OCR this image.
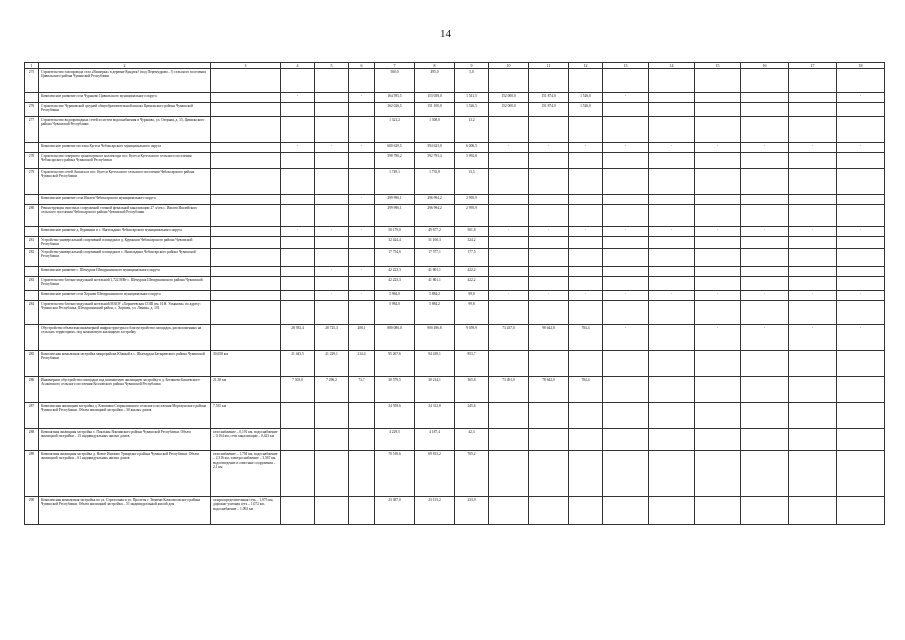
14
1	2	3	4	5	6	7	8	9	10	11	12	13	14	15	16	17	18
275	Строительство газопровода села «Вишерка» в деревне Кундюк? (под Перемудрово...?) сельского поселения Цивильского района Чувашской Республики					500,0	495,0	5,0									
	Комплексное развитие села Чураково Цивильского муниципального округа		-		-	164 595,5	153 058,0	1 541,5	152 000,0	151 874,0	1 526,0	-					-
276	Строительство Чураковской средней общеобразовательной школы Цивильского района Чувашской Республики					162 026,5	151 100,0	1 526,5	152 000,0	151 874,0	1 526,0						
277	Строительство водопроводных сетей и систем водоснабжения в Чураково, ул. Озерная, д. 15, Цивильского района Чувашской Республики					1 321,2	1 308,0	13,2									
	Комплексное развитие поселка Кугеси Чебоксарского муниципального округа		-	-	-	600 629,5	594 623,0	6 006,5	-	-	-	-	-	-	-	-	-
278	Строительство северного транспортного коллектора пос. Кугеси Кугесьского сельского поселения Чебоксарского района Чувашской Республики					598 780,2	592 793,4	5 992,8									
279	Строительство сетей Ашкасы в пос. Кугеси Кугесьского сельского поселения Чебоксарского района Чувашской Республики					1 749,1	1 735,8	13,5									
	Комплексное развитие села Ишлеи Чебоксарского муниципального округа				-	299 990,1	296 994,2	2 995,9									
280	Реконструкция очистных сооружений сточной фекальной канализации 27 л/сек с. Ишлеи Ишлейского сельского поселения Чебоксарского района Чувашской Республики					299 990,1	296 994,2	2 995,9									
	Комплексное развитие д. Курмыши и с. Янгильдино Чебоксарского муниципального округа		-	-	-	50 179,0	49 677,2	501,8	-	-	-	-	-	-	-	-	-
281	Устройство универсальной спортивной площадки в д. Курмыши Чебоксарского района Чувашской Республики					32 424,4	31 100,3	324,2									
282	Устройство универсальной спортивной площадки в с. Янгильдино Чебоксарского района Чувашской Республики					17 754,6	17 577,1	177,5									
	Комплексное развитие с. Шемурша Шемуршинского муниципального округа			-	-	42 223,3	41 801,1	422,2									
283	Строительство блочно-модульной котельной 1,722 МВт с. Шемурша Шемуршинского района Чувашской Республики					42 223,3	41 801,1	422,2									
	Комплексное развитие села Хоршеи Шемуршинского муниципального округа			-	-	5 984,0	5 884,2	99,8	-	-	-	-	-	-	-	-	-
284	Строительство блочно-модульной котельной МАОУ «Хоршеевская СОШ им. И.Н. Ульянова» по адресу: Чувашская Республика, Шемуршинский район, с. Хоршеи, ул. Ленина, д. 101					5 984,0	5 884,2	99,8									
	Обустройство объектами инженерной инфраструктуры и благоустройство площадок, расположенных на сельских территориях, под компактную жилищную застройку		28 933,4	28 725,3	208,1	880 080,0	900 496,8	9 059,9	73 437,0	98 642,8	784,4	-		-	-	-	-
285	Комплексная компактная застройка микрорайона Южный в с. Шыгырдан Батыревского района Чувашской Республики	30,658 км	21 443,5	21 229,1	214,4	95 267,6	94 418,1	853,7									
286	Инженерное обустройство площадки под компактную жилищную застройку в д. Бегишево Бишевского-Асаковского сельского поселения Козловского района Чувашской Республики	21,38 км	7 303,0	7 296,2	73,7	30 579,5	30 214,1	365,8	73 491,0	78 642,0	784,4						
287	Комплексная жилищная застройка д. Климовка Сатраклинского сельского поселения Моргаушского района Чувашской Республики. Объем жилищной застройки – 30 жилых домов	7,535 км				24 558,6	24 312,8	245,6									
288	Компактная жилищная застройка с. Пояльмы Яльчикского района Чувашской Республики. Объем жилищной застройки – 15 индивидуальных жилых домов	газоснабжение – 0,191 км, водоснабжение – 0,164 км, сети канализации – 0,423 км				4 229,5	4 187,4	42,3									
289	Компактная жилищная застройка д. Новое Ишмово Урмарского района Чувашской Республики. Объем жилищной застройки – 61 индивидуальных жилых домов	газоснабжение – 1,794 км, водоснабжение – 2,316 км, электроснабжение – 3,567 км, водоотведение и очистные сооружения – 2,1 км				70 518,6	69 813,2	705,2									
290	Комплексная компактная застройка по ул. Стрелочная и ул. Пролеты г. Тюмени Комсомольского района Чувашской Республики. Объем жилищной застройки – 51 индивидуальный жилой дом	газораспределительная сеть – 1,075 км, дорожно-уличная сеть – 1,072 км, водоснабжение – 1,092 км				23 387,0	23 153,2	233,9									
